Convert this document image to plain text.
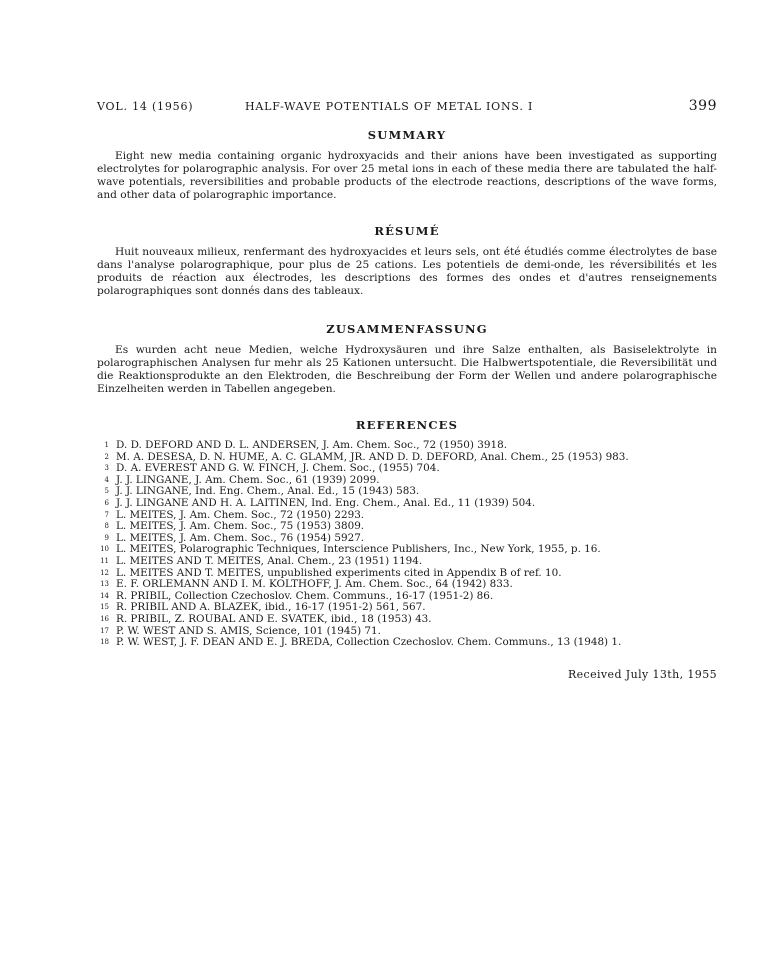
VOL. 14 (1956)	HALF-WAVE POTENTIALS OF METAL IONS. I	399
SUMMARY

Eight new media containing organic hydroxyacids and their anions have been investigated as supporting electrolytes for polarographic analysis. For over 25 metal ions in each of these media there are tabulated the half-wave potentials, reversibilities and probable products of the electrode reactions, descriptions of the wave forms, and other data of polarographic importance.

RÉSUMÉ

Huit nouveaux milieux, renfermant des hydroxyacides et leurs sels, ont été étudiés comme électrolytes de base dans l'analyse polarographique, pour plus de 25 cations. Les potentiels de demi-onde, les réversibilités et les produits de réaction aux électrodes, les descriptions des formes des ondes et d'autres renseignements polarographiques sont donnés dans des tableaux.

ZUSAMMENFASSUNG

Es wurden acht neue Medien, welche Hydroxysäuren und ihre Salze enthalten, als Basiselektrolyte in polarographischen Analysen fur mehr als 25 Kationen untersucht. Die Halbwertspotentiale, die Reversibilität und die Reaktionsprodukte an den Elektroden, die Beschreibung der Form der Wellen und andere polarographische Einzelheiten werden in Tabellen angegeben.

REFERENCES
1 D. D. DEFORD AND D. L. ANDERSEN, J. Am. Chem. Soc., 72 (1950) 3918.
2 M. A. DESESA, D. N. HUME, A. C. GLAMM, JR. AND D. D. DEFORD, Anal. Chem., 25 (1953) 983.
3 D. A. EVEREST AND G. W. FINCH, J. Chem. Soc., (1955) 704.
4 J. J. LINGANE, J. Am. Chem. Soc., 61 (1939) 2099.
5 J. J. LINGANE, Ind. Eng. Chem., Anal. Ed., 15 (1943) 583.
6 J. J. LINGANE AND H. A. LAITINEN, Ind. Eng. Chem., Anal. Ed., 11 (1939) 504.
7 L. MEITES, J. Am. Chem. Soc., 72 (1950) 2293.
8 L. MEITES, J. Am. Chem. Soc., 75 (1953) 3809.
9 L. MEITES, J. Am. Chem. Soc., 76 (1954) 5927.
10 L. MEITES, Polarographic Techniques, Interscience Publishers, Inc., New York, 1955, p. 16.
11 L. MEITES AND T. MEITES, Anal. Chem., 23 (1951) 1194.
12 L. MEITES AND T. MEITES, unpublished experiments cited in Appendix B of ref. 10.
13 E. F. ORLEMANN AND I. M. KOLTHOFF, J. Am. Chem. Soc., 64 (1942) 833.
14 R. PŘIBIL, Collection Czechoslov. Chem. Communs., 16-17 (1951-2) 86.
15 R. PŘIBIL AND A. BLAZEK, ibid., 16-17 (1951-2) 561, 567.
16 R. PŘIBIL, Z. ROUBAL AND E. SVATEK, ibid., 18 (1953) 43.
17 P. W. WEST AND S. AMIS, Science, 101 (1945) 71.
18 P. W. WEST, J. F. DEAN AND E. J. BREDA, Collection Czechoslov. Chem. Communs., 13 (1948) 1.
Received July 13th, 1955
